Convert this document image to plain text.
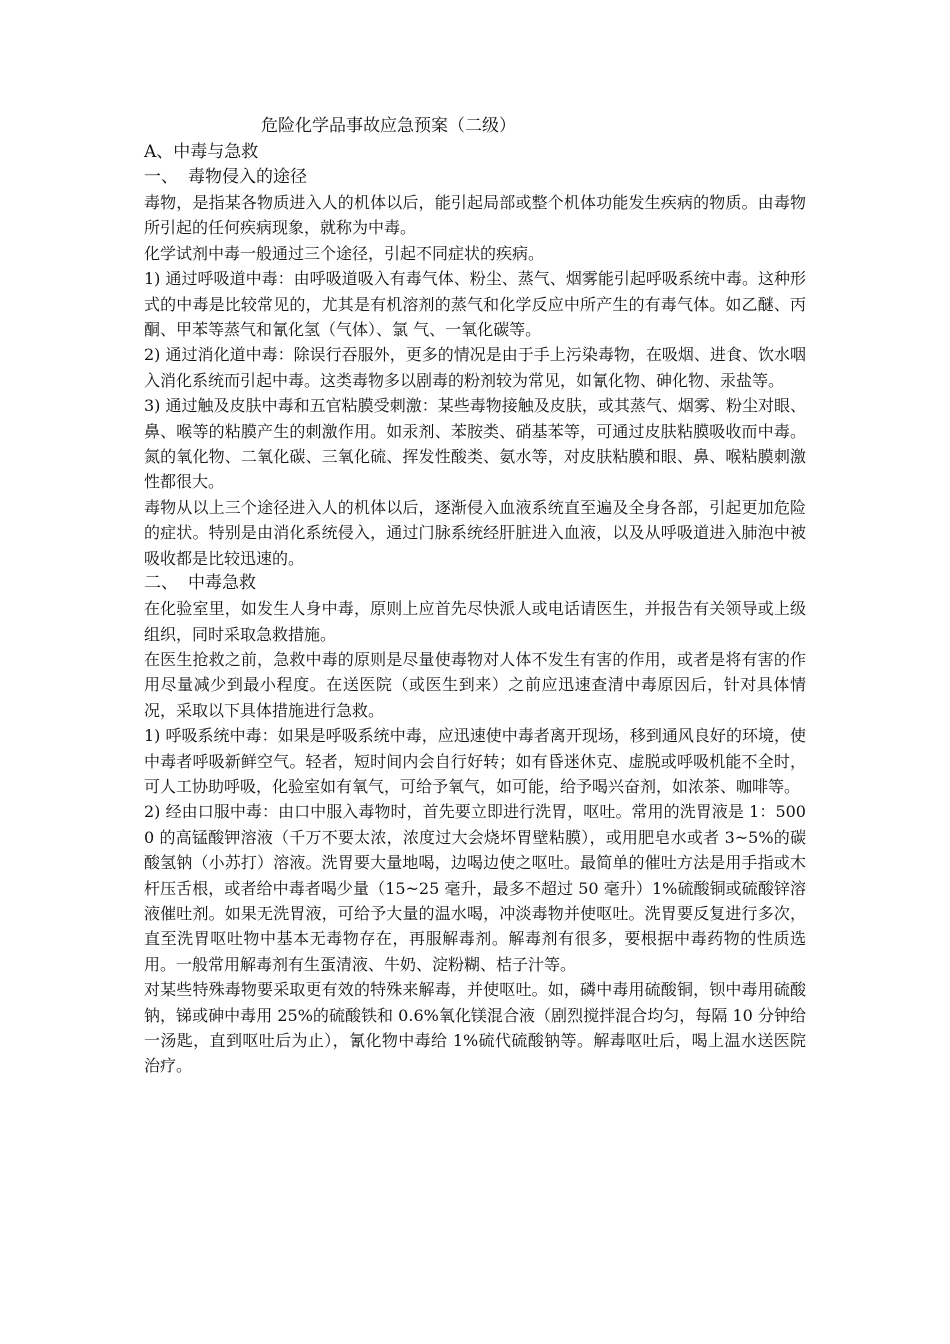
危险化学品事故应急预案（二级）
A、中毒与急救
一、 毒物侵入的途径

毒物，是指某各物质进入人的机体以后，能引起局部或整个机体功能发生疾病的物质。由毒物所引起的任何疾病现象，就称为中毒。

化学试剂中毒一般通过三个途径，引起不同症状的疾病。

1) 通过呼吸道中毒：由呼吸道吸入有毒气体、粉尘、蒸气、烟雾能引起呼吸系统中毒。这种形式的中毒是比较常见的，尤其是有机溶剂的蒸气和化学反应中所产生的有毒气体。如乙醚、丙酮、甲苯等蒸气和氰化氢（气体）、氯 气、一氧化碳等。

2) 通过消化道中毒：除误行吞服外，更多的情况是由于手上污染毒物，在吸烟、进食、饮水咽入消化系统而引起中毒。这类毒物多以剧毒的粉剂较为常见，如氰化物、砷化物、汞盐等。

3) 通过触及皮肤中毒和五官粘膜受刺激：某些毒物接触及皮肤，或其蒸气、烟雾、粉尘对眼、鼻、喉等的粘膜产生的刺激作用。如汞剂、苯胺类、硝基苯等，可通过皮肤粘膜吸收而中毒。氮的氧化物、二氧化碳、三氧化硫、挥发性酸类、氨水等，对皮肤粘膜和眼、鼻、喉粘膜刺激性都很大。

毒物从以上三个途径进入人的机体以后，逐渐侵入血液系统直至遍及全身各部，引起更加危险的症状。特别是由消化系统侵入，通过门脉系统经肝脏进入血液，以及从呼吸道进入肺泡中被吸收都是比较迅速的。

二、 中毒急救

在化验室里，如发生人身中毒，原则上应首先尽快派人或电话请医生，并报告有关领导或上级组织，同时采取急救措施。

在医生抢救之前，急救中毒的原则是尽量使毒物对人体不发生有害的作用，或者是将有害的作用尽量减少到最小程度。在送医院（或医生到来）之前应迅速查清中毒原因后，针对具体情况，采取以下具体措施进行急救。

1) 呼吸系统中毒：如果是呼吸系统中毒，应迅速使中毒者离开现场，移到通风良好的环境，使中毒者呼吸新鲜空气。轻者，短时间内会自行好转；如有昏迷休克、虚脱或呼吸机能不全时，可人工协助呼吸，化验室如有氧气，可给予氧气，如可能，给予喝兴奋剂，如浓茶、咖啡等。

2) 经由口服中毒：由口中服入毒物时，首先要立即进行洗胃，呕吐。常用的洗胃液是 1：5000 的高锰酸钾溶液（千万不要太浓，浓度过大会烧坏胃壁粘膜），或用肥皂水或者 3~5%的碳酸氢钠（小苏打）溶液。洗胃要大量地喝，边喝边使之呕吐。最简单的催吐方法是用手指或木杆压舌根，或者给中毒者喝少量（15~25 毫升，最多不超过 50 毫升）1%硫酸铜或硫酸锌溶液催吐剂。如果无洗胃液，可给予大量的温水喝，冲淡毒物并使呕吐。洗胃要反复进行多次，直至洗胃呕吐物中基本无毒物存在，再服解毒剂。解毒剂有很多，要根据中毒药物的性质选用。一般常用解毒剂有生蛋清液、牛奶、淀粉糊、桔子汁等。

对某些特殊毒物要采取更有效的特殊来解毒，并使呕吐。如，磷中毒用硫酸铜，钡中毒用硫酸钠，锑或砷中毒用 25%的硫酸铁和 0.6%氧化镁混合液（剧烈搅拌混合均匀，每隔 10 分钟给一汤匙，直到呕吐后为止），氰化物中毒给 1%硫代硫酸钠等。解毒呕吐后，喝上温水送医院治疗。
